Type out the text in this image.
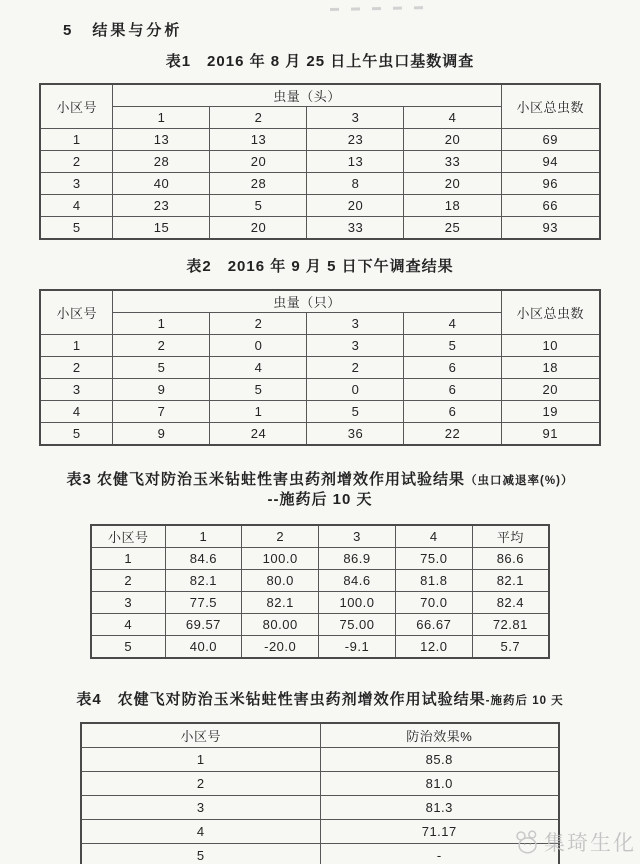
5　结果与分析
表1　2016 年 8 月 25 日上午虫口基数调查
小区号	虫量（头）				小区总虫数
	1	2	3	4	
1	13	13	23	20	69
2	28	20	13	33	94
3	40	28	8	20	96
4	23	5	20	18	66
5	15	20	33	25	93
表2　2016 年 9 月 5 日下午调查结果
小区号	虫量（只）				小区总虫数
	1	2	3	4	
1	2	0	3	5	10
2	5	4	2	6	18
3	9	5	0	6	20
4	7	1	5	6	19
5	9	24	36	22	91
表3 农健飞对防治玉米钻蛀性害虫药剂增效作用试验结果（虫口减退率(%)）
--施药后 10 天
小区号	1	2	3	4	平均
1	84.6	100.0	86.9	75.0	86.6
2	82.1	80.0	84.6	81.8	82.1
3	77.5	82.1	100.0	70.0	82.4
4	69.57	80.00	75.00	66.67	72.81
5	40.0	-20.0	-9.1	12.0	5.7
表4　农健飞对防治玉米钻蛀性害虫药剂增效作用试验结果-施药后 10 天
小区号	防治效果%
1	85.8
2	81.0
3	81.3
4	71.17
5	-
集琦生化
